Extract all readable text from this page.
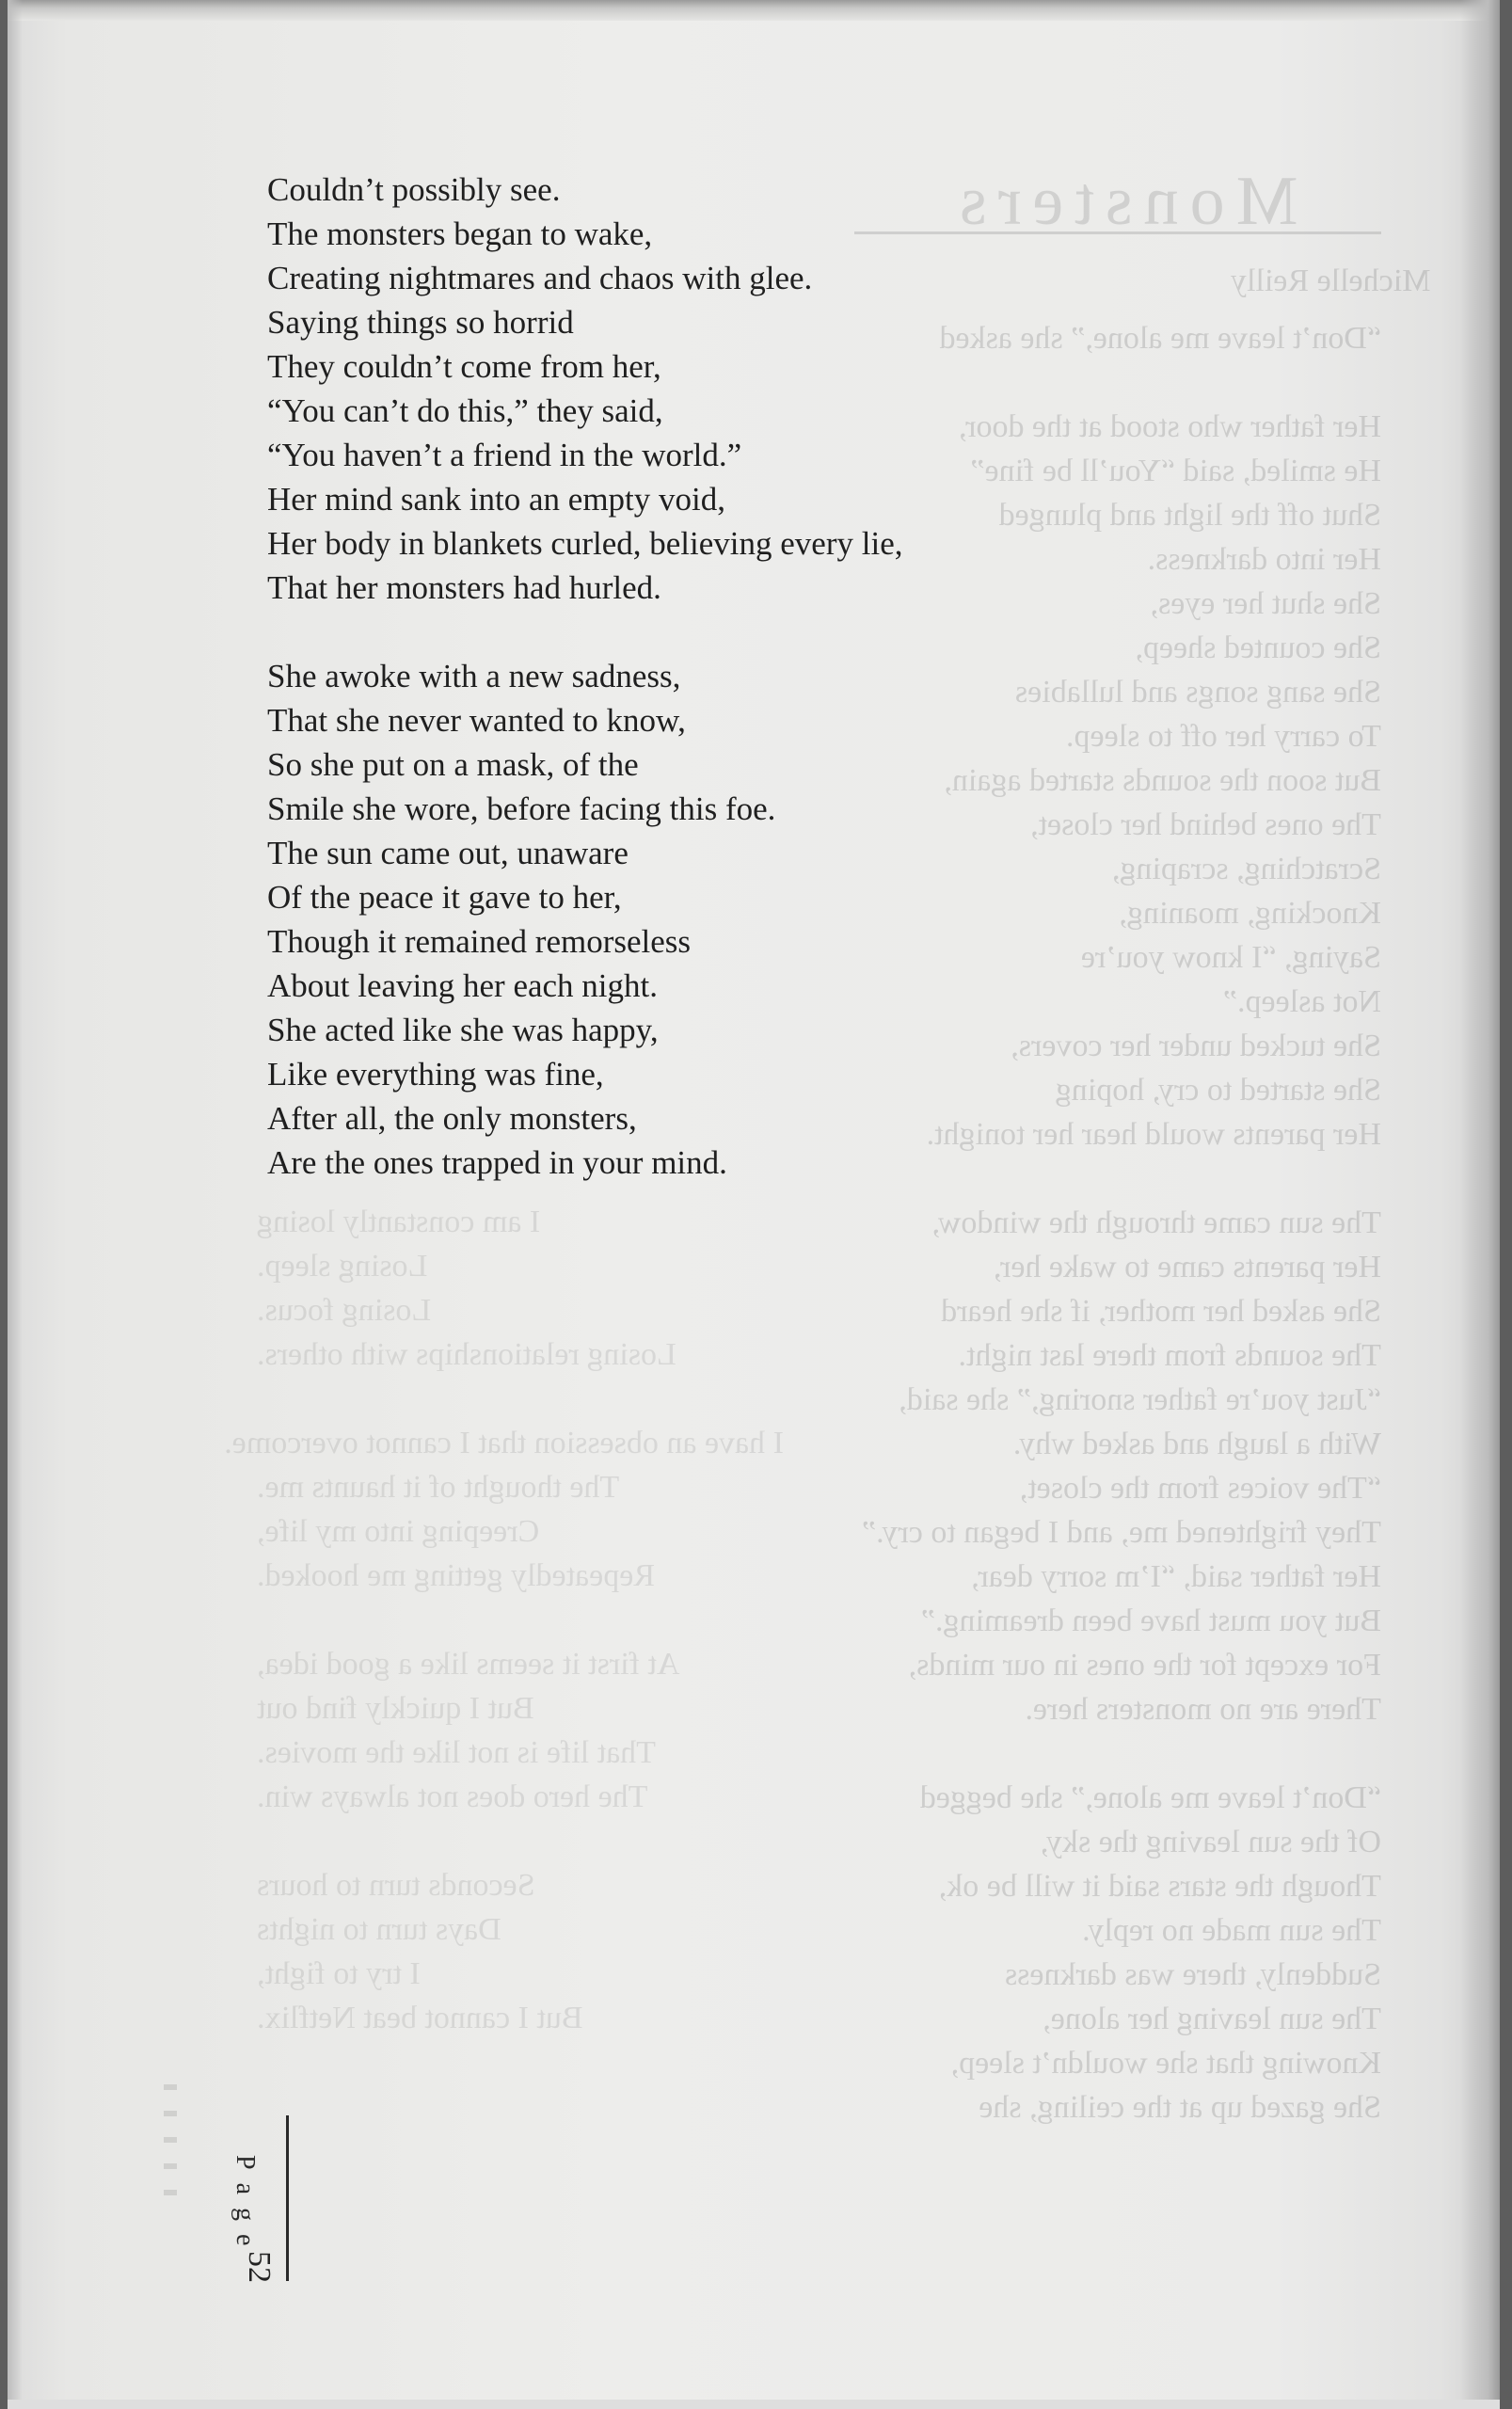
Monsters
Michelle Reilly
“Don’t leave me alone,” she asked

Her father who stood at the door,
He smiled, said “You’ll be fine”
Shut off the light and plunged
Her into darkness.
She shut her eyes,
She counted sheep,
She sang songs and lullabies
To carry her off to sleep.
But soon the sounds started again,
The ones behind her closet,
Scratching, scraping,
Knocking, moaning,
Saying, “I know you’re
Not asleep.”
She tucked under her covers,
She started to cry, hoping
Her parents would hear her tonight.

The sun came through the window,
Her parents came to wake her,
She asked her mother, if she heard
The sounds from there last night.
“Just you’re father snoring,” she said,
With a laugh and asked why.
“The voices from the closet,
They frightened me, and I began to cry.”
Her father said, “I’m sorry dear,
But you must have been dreaming.”
For except for the ones in our minds,
There are no monsters here.

“Don’t leave me alone,” she begged
Of the sun leaving the sky,
Though the stars said it will be ok,
The sun made no reply.
Suddenly, there was darkness
The sun leaving her alone,
Knowing that she wouldn’t sleep,
She gazed up at the ceiling, she
I am constantly losing
Losing sleep.
Losing focus.
Losing relationships with others.

I have an obsession that I cannot overcome.
The thought of it haunts me.
Creeping into my life,
Repeatedly getting me hooked.

At first it seems like a good idea,
But I quickly find out
That life is not like the movies.
The hero does not always win.

Seconds turn to hours
Days turn to nights
I try to fight,
But I cannot beat Netflix.
Couldn’t possibly see.
The monsters began to wake,
Creating nightmares and chaos with glee.
Saying things so horrid
They couldn’t come from her,
“You can’t do this,” they said,
“You haven’t a friend in the world.”
Her mind sank into an empty void,
Her body in blankets curled, believing every lie,
That her monsters had hurled.
She awoke with a new sadness,
That she never wanted to know,
So she put on a mask, of the
Smile she wore, before facing this foe.
The sun came out, unaware
Of the peace it gave to her,
Though it remained remorseless
About leaving her each night.
She acted like she was happy,
Like everything was fine,
After all, the only monsters,
Are the ones trapped in your mind.
Page
52
